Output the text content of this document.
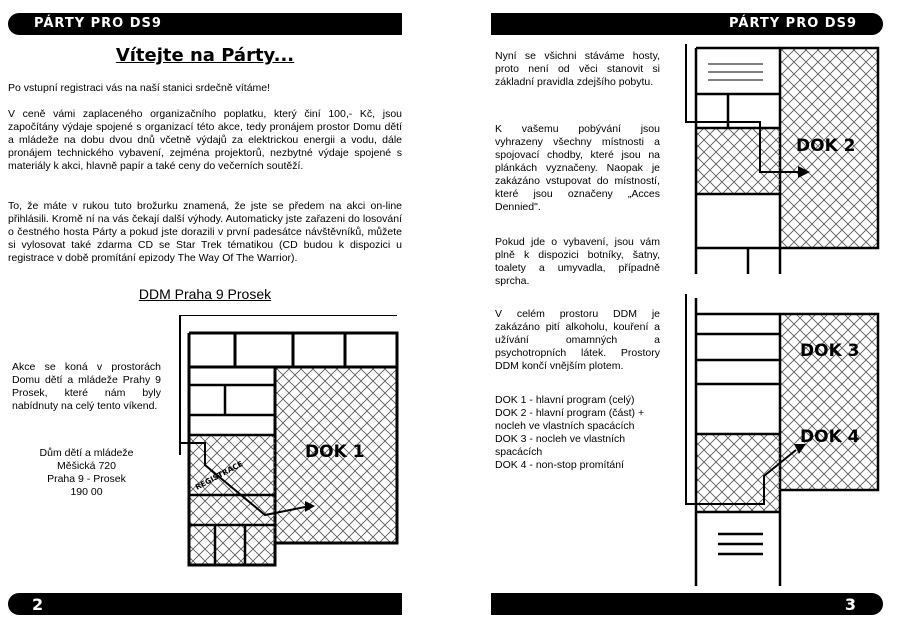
PÁRTY PRO DS9	PÁRTY PRO DS9
2	3
Vítejte na Párty...
Po vstupní registraci vás na naší stanici srdečně vítáme!
V ceně vámi zaplaceného organizačního poplatku, který činí 100,- Kč, jsou započítány výdaje spojené s organizací této akce, tedy pronájem prostor Domu dětí a mládeže na dobu dvou dnů včetně výdajů za elektrickou energii a vodu, dále pronájem technického vybavení, zejména projektorů, nezbytné výdaje spojené s materiály k akci, hlavně papír a také ceny do večerních soutěží.
To, že máte v rukou tuto brožurku znamená, že jste se předem na akci on-line přihlásili. Kromě ní na vás čekají další výhody. Automaticky jste zařazeni do losování o čestného hosta Párty a pokud jste dorazili v první padesátce návštěvníků, můžete si vylosovat také zdarma CD se Star Trek tématikou (CD budou k dispozici u registrace v době promítání epizody The Way Of The Warrior).
DDM Praha 9 Prosek
Akce se koná v prostorách Domu dětí a mládeže Prahy 9 Prosek, které nám byly nabídnuty na celý tento víkend.
Dům dětí a mládeže
Měšická 720
Praha 9 - Prosek
190 00
DOK 1
REGISTRACE
Nyní se všichni stáváme hosty, proto není od věci stanovit si základní pravidla zdejšího pobytu.
K vašemu pobývání jsou vyhrazeny všechny místnosti a spojovací chodby, které jsou na plánkách vyznačeny. Naopak je zakázáno vstupovat do místností, které jsou označeny „Acces Dennied".
Pokud jde o vybavení, jsou vám plně k dispozici botníky, šatny, toalety a umyvadla, případně sprcha.
V celém prostoru DDM je zakázáno pití alkoholu, kouření a užívání omamných a psychotropních látek. Prostory DDM končí vnějším plotem.
DOK 1 - hlavní program (celý)
DOK 2 - hlavní program (část) + nocleh ve vlastních spacácích
DOK 3 - nocleh ve vlastních spacácích
DOK 4 - non-stop promítání
DOK 2
DOK 3
DOK 4
